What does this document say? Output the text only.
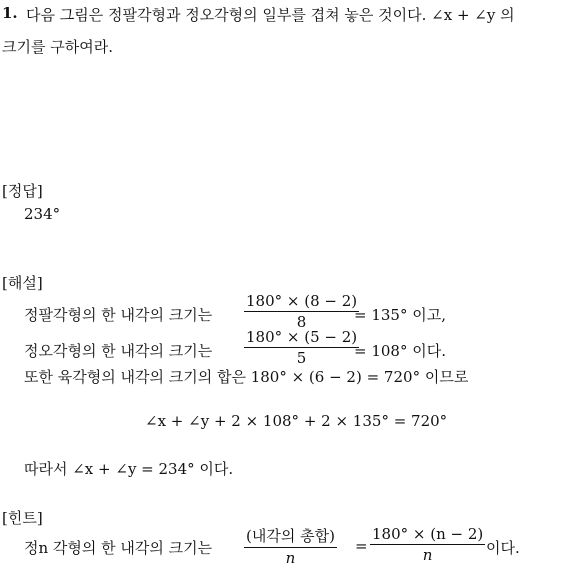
1. 다음 그림은 정팔각형과 정오각형의 일부를 겹쳐 놓은 것이다. ∠x + ∠y 의
크기를 구하여라.
[정답]
234°
[해설]
정팔각형의 한 내각의 크기는
180° × (8 − 2)
8	= 135° 이고,
정오각형의 한 내각의 크기는
180° × (5 − 2)
5	= 108° 이다.
또한 육각형의 내각의 크기의 합은 180° × (6 − 2) = 720° 이므로
∠x + ∠y + 2 × 108° + 2 × 135° = 720°
따라서 ∠x + ∠y = 234° 이다.
[힌트]
정n 각형의 한 내각의 크기는
(내각의 총합)
n
=
180° × (n − 2)
n	이다.
